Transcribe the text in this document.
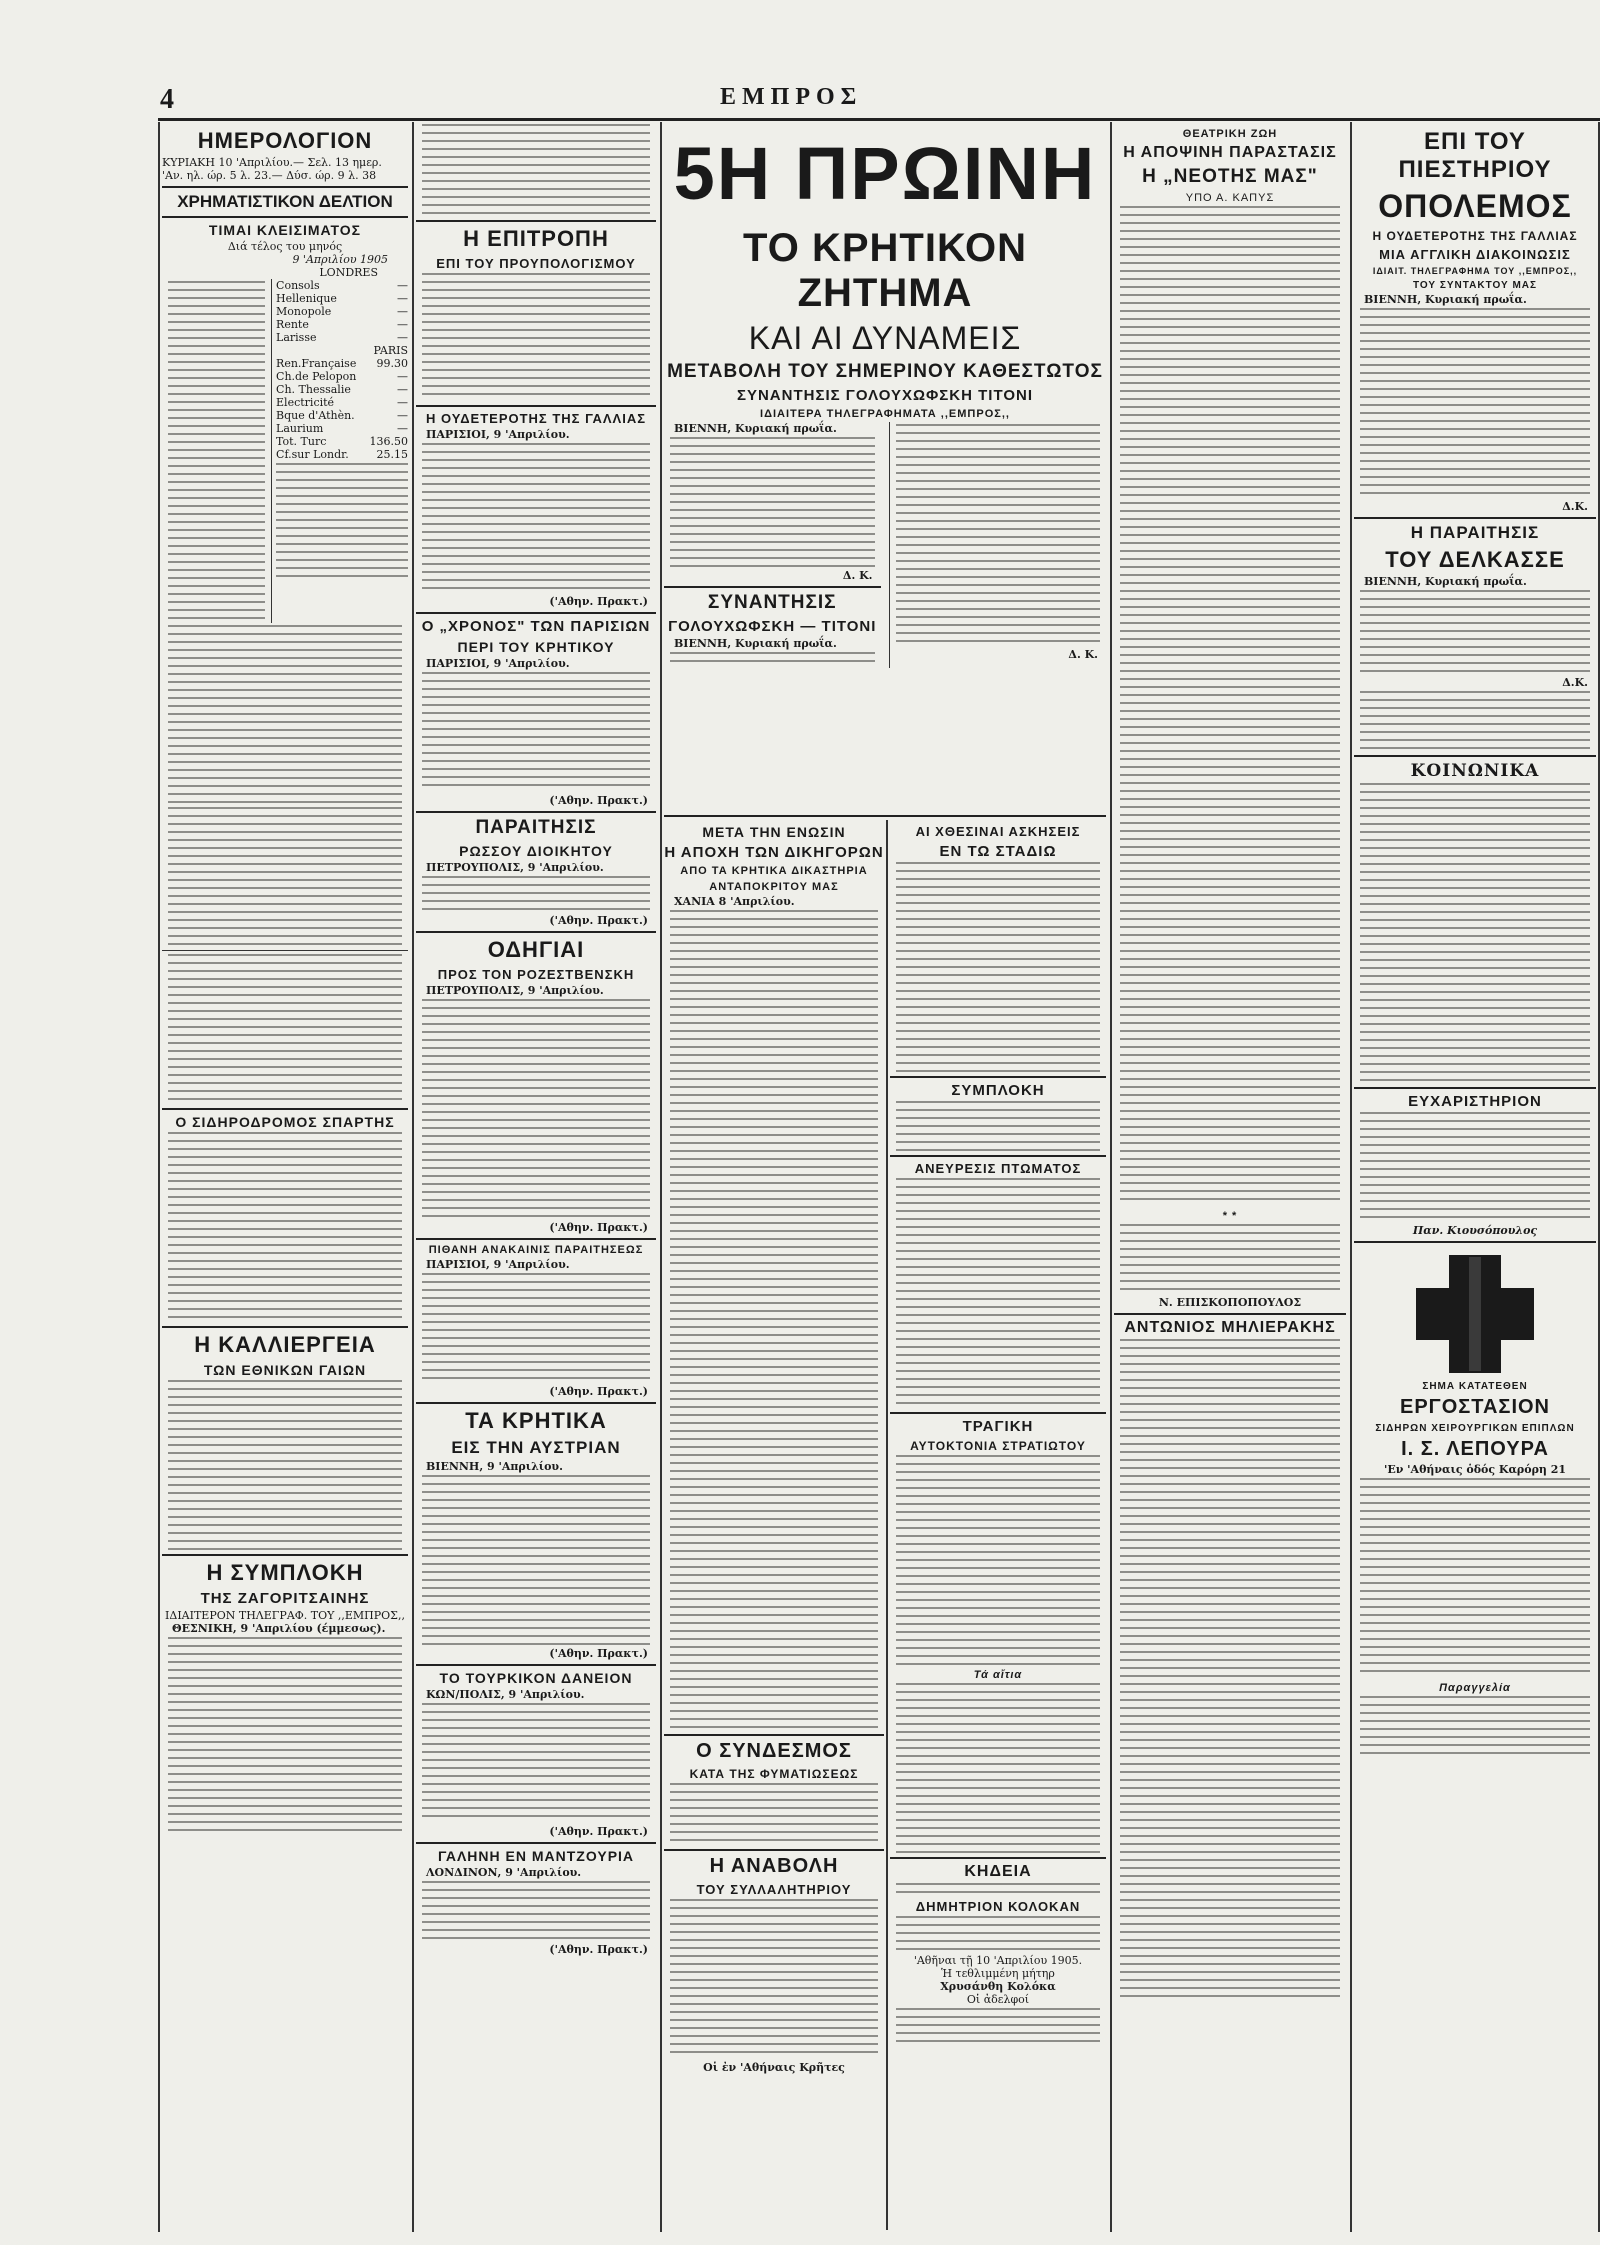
4	ΕΜΠΡΟΣ
ΗΜΕΡΟΛΟΓΙΟΝ
ΚΥΡΙΑΚΗ 10 'Απριλίου.— Σελ. 13 ημερ.
'Αν. ηλ. ώρ. 5 λ. 23.— Δύσ. ώρ. 9 λ. 38
ΧΡΗΜΑΤΙΣΤΙΚΟΝ ΔΕΛΤΙΟΝ
ΤΙΜΑΙ ΚΛΕΙΣΙΜΑΤΟΣ
Διά τέλος του μηνός
9 'Απριλίου 1905
LONDRES
Consols	—
Hellenique	—
Monopole	—
Rente	—
Larisse	—
PARIS
Ren.Française 99.30
Ch.de Pelopon	—
Ch. Thessalie	—
Electricité	—
Bque d'Athèn.	—
Laurium	—
Tot. Turc	136.50
Cf.sur Londr.	25.15
Ο ΣΙΔΗΡΟΔΡΟΜΟΣ ΣΠΑΡΤΗΣ
Η ΚΑΛΛΙΕΡΓΕΙΑ
ΤΩΝ ΕΘΝΙΚΩΝ ΓΑΙΩΝ
Η ΣΥΜΠΛΟΚΗ
ΤΗΣ ΖΑΓΟΡΙΤΣΑΙΝΗΣ
ΙΔΙΑΙΤΕΡΟΝ ΤΗΛΕΓΡΑΦ. ΤΟΥ ,,ΕΜΠΡΟΣ,,
ΘΕΣΝΙΚΗ, 9 'Απριλίου (έμμεσως).
Η ΕΠΙΤΡΟΠΗ
ΕΠΙ ΤΟΥ ΠΡΟΥΠΟΛΟΓΙΣΜΟΥ
Η ΟΥΔΕΤΕΡΟΤΗΣ ΤΗΣ ΓΑΛΛΙΑΣ
ΠΑΡΙΣΙΟΙ, 9 'Απριλίου.
('Αθην. Πρακτ.)
Ο „ΧΡΟΝΟΣ" ΤΩΝ ΠΑΡΙΣΙΩΝ
ΠΕΡΙ ΤΟΥ ΚΡΗΤΙΚΟΥ
ΠΑΡΙΣΙΟΙ, 9 'Απριλίου.
('Αθην. Πρακτ.)
ΠΑΡΑΙΤΗΣΙΣ
ΡΩΣΣΟΥ ΔΙΟΙΚΗΤΟΥ
ΠΕΤΡΟΥΠΟΛΙΣ, 9 'Απριλίου.
('Αθην. Πρακτ.)
ΟΔΗΓΙΑΙ
ΠΡΟΣ ΤΟΝ ΡΟΖΕΣΤΒΕΝΣΚΗ
ΠΕΤΡΟΥΠΟΛΙΣ, 9 'Απριλίου.
('Αθην. Πρακτ.)
ΠΙΘΑΝΗ ΑΝΑΚΑΙΝΙΣ ΠΑΡΑΙΤΗΣΕΩΣ
ΠΑΡΙΣΙΟΙ, 9 'Απριλίου.
('Αθην. Πρακτ.)
ΤΑ ΚΡΗΤΙΚΑ
ΕΙΣ ΤΗΝ ΑΥΣΤΡΙΑΝ
ΒΙΕΝΝΗ, 9 'Απριλίου.
('Αθην. Πρακτ.)
ΤΟ ΤΟΥΡΚΙΚΟΝ ΔΑΝΕΙΟΝ
ΚΩΝ/ΠΟΛΙΣ, 9 'Απριλίου.
('Αθην. Πρακτ.)
ΓΑΛΗΝΗ ΕΝ ΜΑΝΤΖΟΥΡΙΑ
ΛΟΝΔΙΝΟΝ, 9 'Απριλίου.
('Αθην. Πρακτ.)
5Η ΠΡΩΙΝΗ
ΤΟ ΚΡΗΤΙΚΟΝ ΖΗΤΗΜΑ
ΚΑΙ ΑΙ ΔΥΝΑΜΕΙΣ
ΜΕΤΑΒΟΛΗ ΤΟΥ ΣΗΜΕΡΙΝΟΥ ΚΑΘΕΣΤΩΤΟΣ
ΣΥΝΑΝΤΗΣΙΣ ΓΟΛΟΥΧΩΦΣΚΗ ΤΙΤΟΝΙ
ΙΔΙΑΙΤΕΡΑ ΤΗΛΕΓΡΑΦΗΜΑΤΑ ,,ΕΜΠΡΟΣ,,
ΒΙΕΝΝΗ, Κυριακή πρωΐα.
Δ. Κ.
ΣΥΝΑΝΤΗΣΙΣ
ΓΟΛΟΥΧΩΦΣΚΗ — ΤΙΤΟΝΙ
ΒΙΕΝΝΗ, Κυριακή πρωΐα.
Δ. Κ.
ΜΕΤΑ ΤΗΝ ΕΝΩΣΙΝ
Η ΑΠΟΧΗ ΤΩΝ ΔΙΚΗΓΟΡΩΝ
ΑΠΟ ΤΑ ΚΡΗΤΙΚΑ ΔΙΚΑΣΤΗΡΙΑ
ΑΝΤΑΠΟΚΡΙΤΟΥ ΜΑΣ
ΧΑΝΙΑ 8 'Απριλίου.
Ο ΣΥΝΔΕΣΜΟΣ
ΚΑΤΑ ΤΗΣ ΦΥΜΑΤΙΩΣΕΩΣ
Η ΑΝΑΒΟΛΗ
ΤΟΥ ΣΥΛΛΑΛΗΤΗΡΙΟΥ
Οἱ ἐν 'Αθήναις Κρῆτες
ΑΙ ΧΘΕΣΙΝΑΙ ΑΣΚΗΣΕΙΣ
ΕΝ ΤΩ ΣΤΑΔΙΩ
ΣΥΜΠΛΟΚΗ
ΑΝΕΥΡΕΣΙΣ ΠΤΩΜΑΤΟΣ
ΤΡΑΓΙΚΗ
ΑΥΤΟΚΤΟΝΙΑ ΣΤΡΑΤΙΩΤΟΥ
Τά αἴτια
ΚΗΔΕΙΑ
ΔΗΜΗΤΡΙΟΝ ΚΟΛΟΚΑΝ
'Αθῆναι τῇ 10 'Απριλίου 1905.
Ἡ τεθλιμμένη μήτηρ
Χρυσάνθη Κολόκα
Οἱ ἀδελφοί
ΘΕΑΤΡΙΚΗ ΖΩΗ
Η ΑΠΟΨΙΝΗ ΠΑΡΑΣΤΑΣΙΣ
Η „ΝΕΟΤΗΣ ΜΑΣ"
ΥΠΟ Α. ΚΑΠΥΣ
* *
Ν. ΕΠΙΣΚΟΠΟΠΟΥΛΟΣ
ΑΝΤΩΝΙΟΣ ΜΗΛΙΕΡΑΚΗΣ
ΕΠΙ ΤΟΥ ΠΙΕΣΤΗΡΙΟΥ
ΟΠΟΛΕΜΟΣ
Η ΟΥΔΕΤΕΡΟΤΗΣ ΤΗΣ ΓΑΛΛΙΑΣ
ΜΙΑ ΑΓΓΛΙΚΗ ΔΙΑΚΟΙΝΩΣΙΣ
ΙΔΙΑΙΤ. ΤΗΛΕΓΡΑΦΗΜΑ ΤΟΥ ,,ΕΜΠΡΟΣ,,
ΤΟΥ ΣΥΝΤΑΚΤΟΥ ΜΑΣ
ΒΙΕΝΝΗ, Κυριακή πρωΐα.
Δ.Κ.
Η ΠΑΡΑΙΤΗΣΙΣ
ΤΟΥ ΔΕΛΚΑΣΣΕ
ΒΙΕΝΝΗ, Κυριακή πρωΐα.
Δ.Κ.
ΚΟΙΝΩΝΙΚΑ
ΕΥΧΑΡΙΣΤΗΡΙΟΝ
Παν. Κιουσόπουλος
ΣΗΜΑ ΚΑΤΑΤΕΘΕΝ
ΕΡΓΟΣΤΑΣΙΟΝ
ΣΙΔΗΡΩΝ ΧΕΙΡΟΥΡΓΙΚΩΝ ΕΠΙΠΛΩΝ
Ι. Σ. ΛΕΠΟΥΡΑ
'Εν 'Αθήναις ὁδός Καρόρη 21
Παραγγελία
